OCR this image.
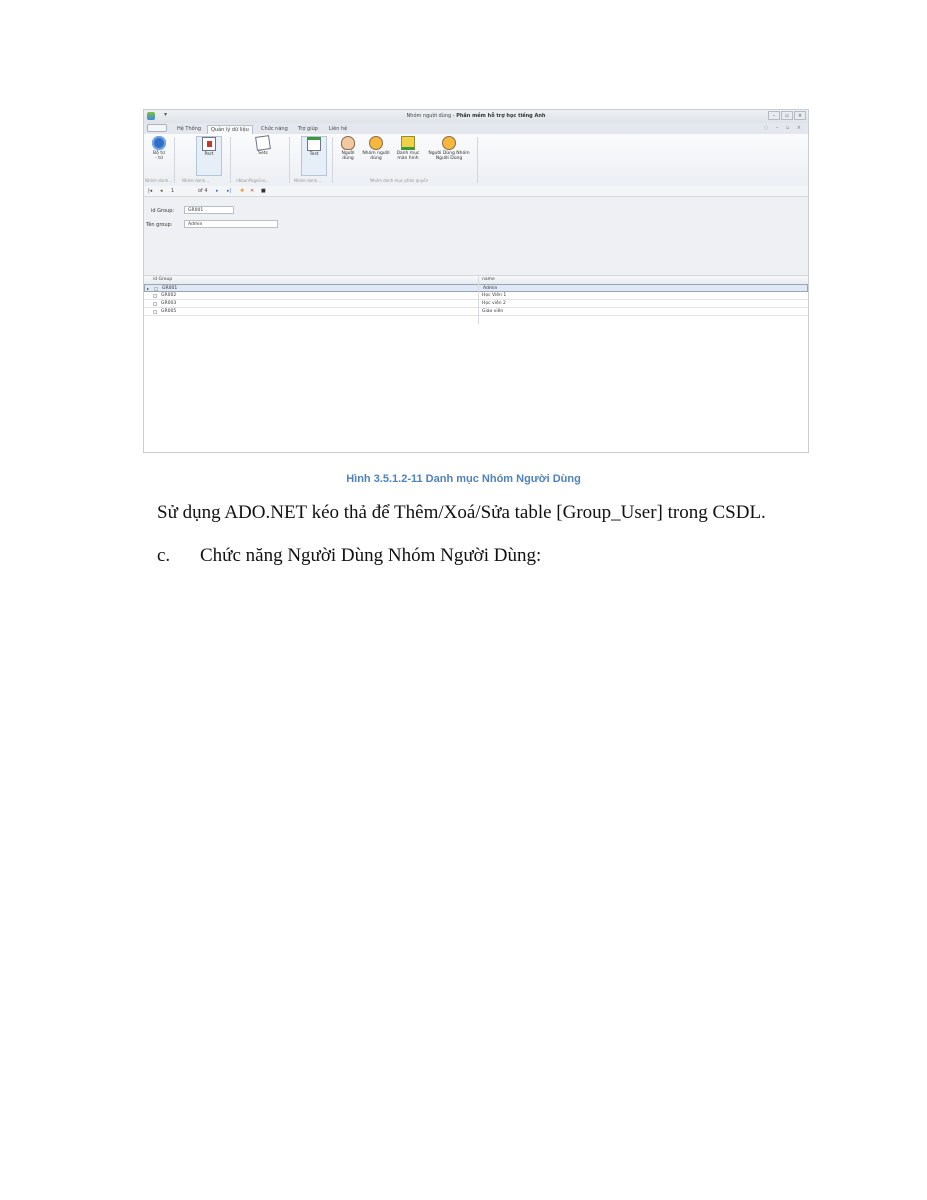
▾	Nhóm người dùng - Phần mềm hỗ trợ học tiếng Anh	–	▫	×
Hệ Thống	Quản lý dữ liệu	Chức năng	Trợ giúp	Liên hệ	◌ – ▫ ×
Bộ từ
- từ
Part	Sets	Test	Người
dùng
Nhóm người
dùng
Danh mục
màn hình
Người Dùng Nhóm
Người Dùng
Nhóm danh... Nhóm danh...	ribbonPageGro...	Nhóm danh...	Nhóm danh mục phân quyền
|◂ ◂ 1	of 4 ▸ ▸| ✚ ✕ ■
id Group:	GR001
Tên group:	Admin
id Group	name
▸	GR001	Admin
GR002	Học Viên 1
GR003	Học viên 2
GR005	Giáo viên
Hình 3.5.1.2-11 Danh mục Nhóm Người Dùng
Sử dụng ADO.NET kéo thả để Thêm/Xoá/Sửa table [Group_User] trong CSDL.
c. Chức năng Người Dùng Nhóm Người Dùng:
